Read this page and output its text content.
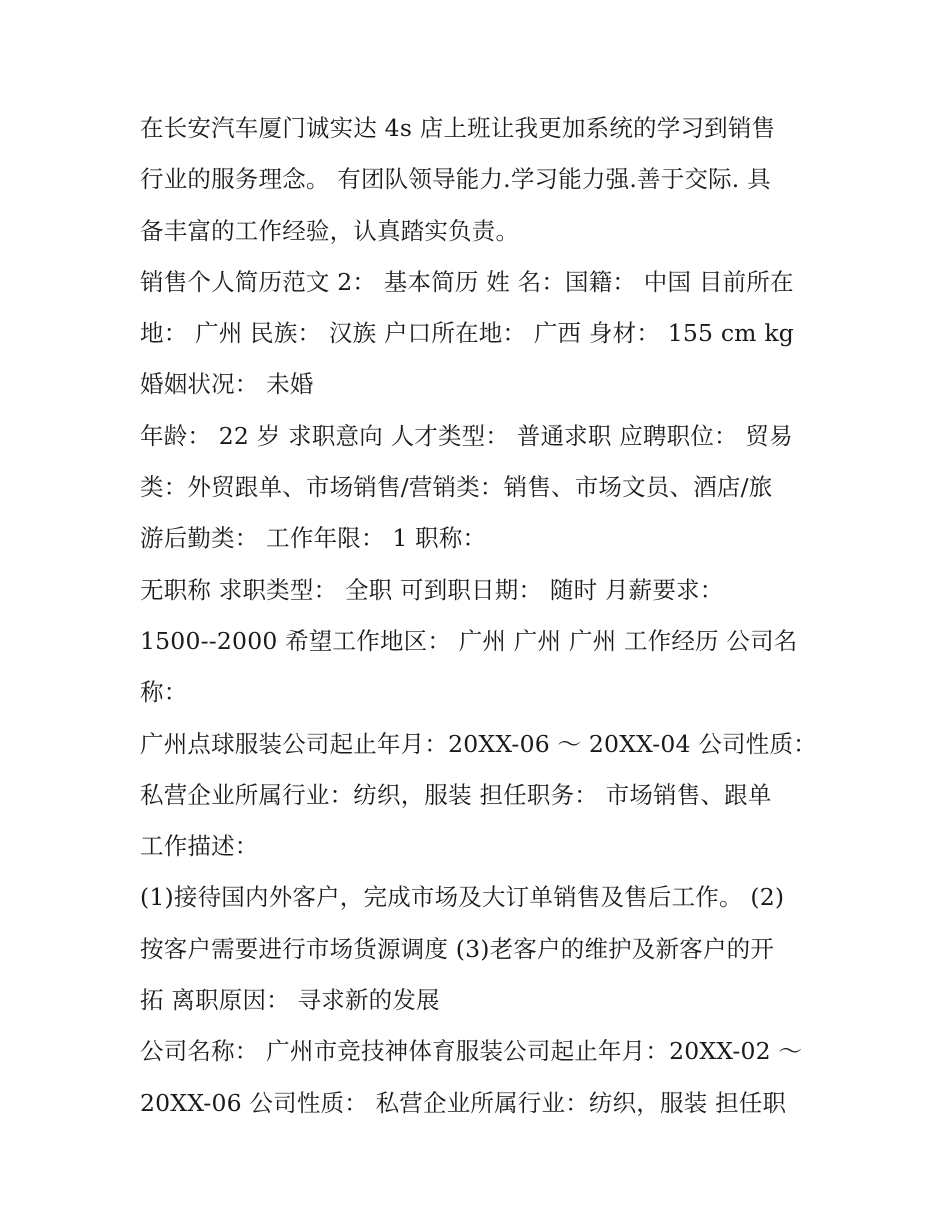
在长安汽车厦门诚实达 4s 店上班让我更加系统的学习到销售
行业的服务理念。 有团队领导能力.学习能力强.善于交际. 具
备丰富的工作经验，认真踏实负责。
销售个人简历范文 2： 基本简历 姓 名：国籍： 中国 目前所在
地： 广州 民族： 汉族 户口所在地： 广西 身材： 155 cm kg
婚姻状况： 未婚
年龄： 22 岁 求职意向 人才类型： 普通求职 应聘职位： 贸易
类：外贸跟单、市场销售/营销类：销售、市场文员、酒店/旅
游后勤类： 工作年限： 1 职称：
无职称 求职类型： 全职 可到职日期： 随时 月薪要求：
1500--2000 希望工作地区： 广州 广州 广州 工作经历 公司名
称：
广州点球服装公司起止年月：20XX-06 ～ 20XX-04 公司性质：
私营企业所属行业：纺织，服装 担任职务： 市场销售、跟单
工作描述：
(1)接待国内外客户，完成市场及大订单销售及售后工作。 (2)
按客户需要进行市场货源调度 (3)老客户的维护及新客户的开
拓 离职原因： 寻求新的发展
公司名称： 广州市竞技神体育服装公司起止年月：20XX-02 ～
20XX-06 公司性质： 私营企业所属行业：纺织，服装 担任职
